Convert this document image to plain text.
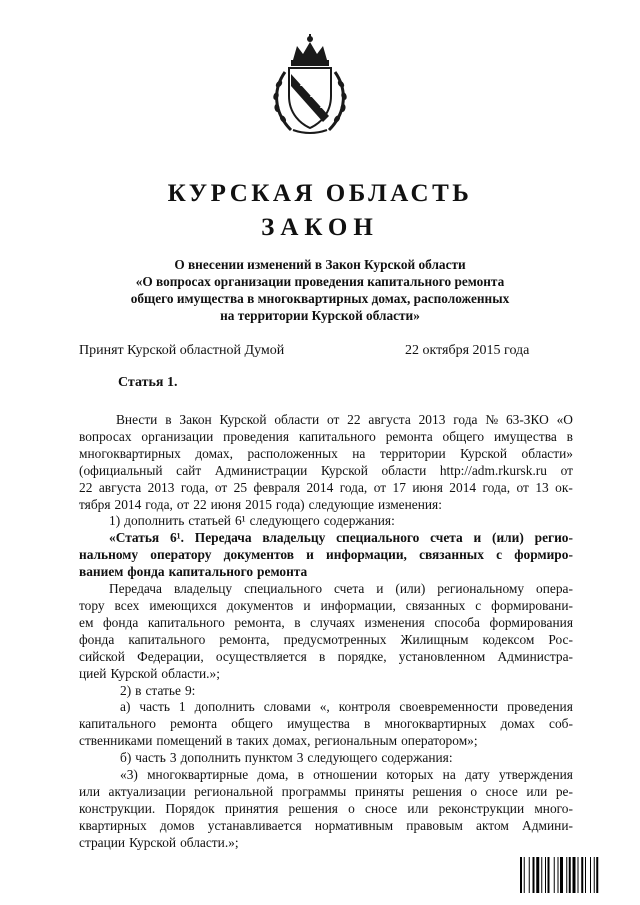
КУРСКАЯ ОБЛАСТЬ
ЗАКОН
О внесении изменений в Закон Курской области
«О вопросах организации проведения капитального ремонта
общего имущества в многоквартирных домах, расположенных
на территории Курской области»
Принят Курской областной Думой	22 октября 2015 года
Статья 1.
Внести в Закон Курской области от 22 августа 2013 года № 63-ЗКО «О
вопросах организации проведения капитального ремонта общего имущества в
многоквартирных домах, расположенных на территории Курской области»
(официальный сайт Администрации Курской области http://adm.rkursk.ru от
22 августа 2013 года, от 25 февраля 2014 года, от 17 июня 2014 года, от 13 ок-
тября 2014 года, от 22 июня 2015 года) следующие изменения:
1) дополнить статьей 6¹ следующего содержания:
«Статья 6¹. Передача владельцу специального счета и (или) регио-
нальному оператору документов и информации, связанных с формиро-
ванием фонда капитального ремонта
Передача владельцу специального счета и (или) региональному опера-
тору всех имеющихся документов и информации, связанных с формировани-
ем фонда капитального ремонта, в случаях изменения способа формирования
фонда капитального ремонта, предусмотренных Жилищным кодексом Рос-
сийской Федерации, осуществляется в порядке, установленном Администра-
цией Курской области.»;
2) в статье 9:
а) часть 1 дополнить словами «, контроля своевременности проведения
капитального ремонта общего имущества в многоквартирных домах соб-
ственниками помещений в таких домах, региональным оператором»;
б) часть 3 дополнить пунктом 3 следующего содержания:
«3) многоквартирные дома, в отношении которых на дату утверждения
или актуализации региональной программы приняты решения о сносе или ре-
конструкции. Порядок принятия решения о сносе или реконструкции много-
квартирных домов устанавливается нормативным правовым актом Админи-
страции Курской области.»;
